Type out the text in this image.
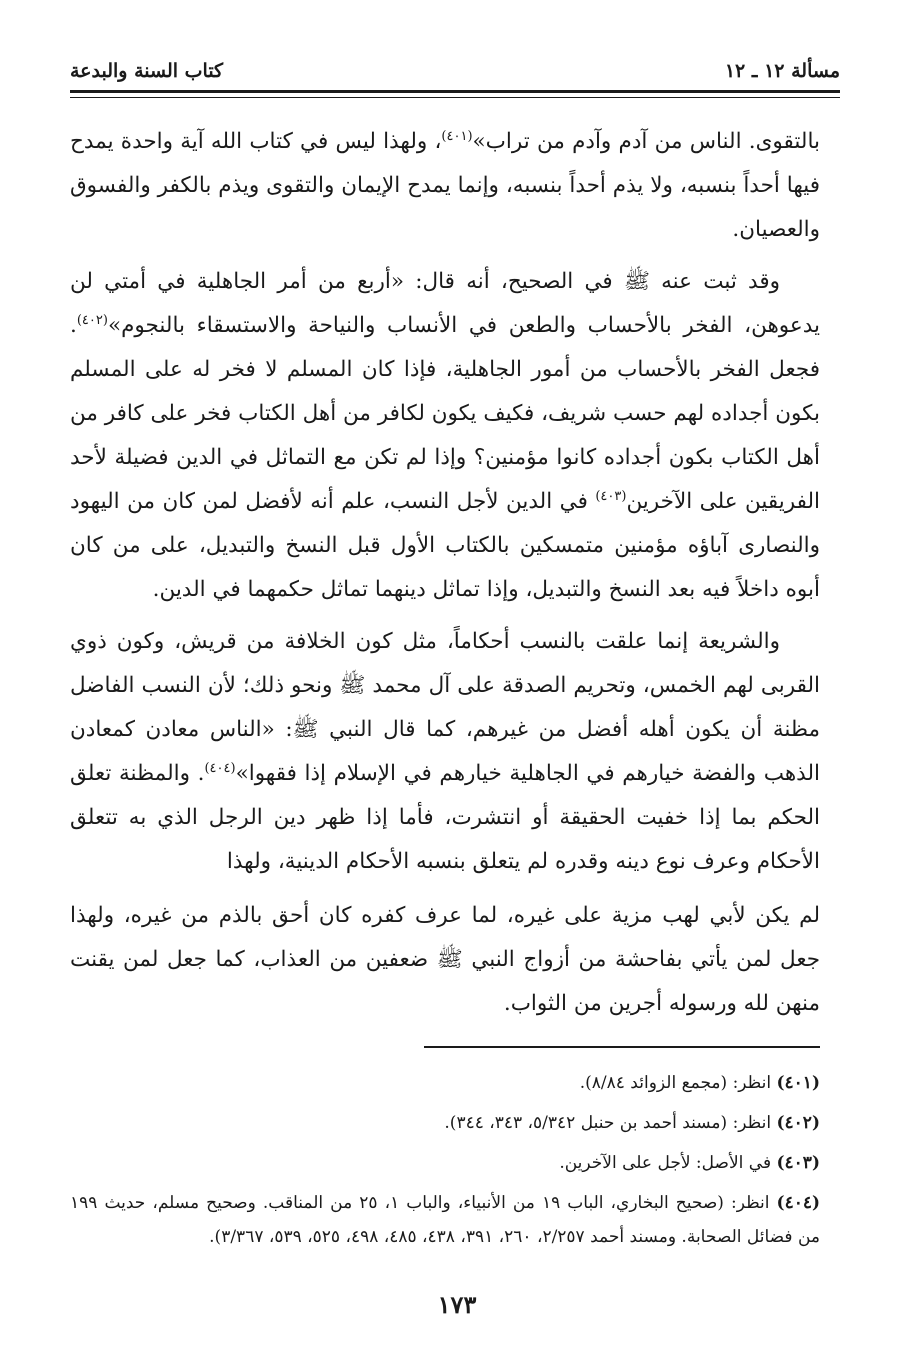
مسألة ١٢ ـ ١٢
كتاب السنة والبدعة

بالتقوى. الناس من آدم وآدم من تراب»$^{(٤٠١)}$، ولهذا ليس في كتاب الله آية واحدة يمدح فيها أحداً بنسبه، ولا يذم أحداً بنسبه، وإنما يمدح الإيمان والتقوى ويذم بالكفر والفسوق والعصيان.

وقد ثبت عنه ﷺ في الصحيح، أنه قال: «أربع من أمر الجاهلية في أمتي لن يدعوهن، الفخر بالأحساب والطعن في الأنساب والنياحة والاستسقاء بالنجوم»$^{(٤٠٢)}$. فجعل الفخر بالأحساب من أمور الجاهلية، فإذا كان المسلم لا فخر له على المسلم بكون أجداده لهم حسب شريف، فكيف يكون لكافر من أهل الكتاب فخر على كافر من أهل الكتاب بكون أجداده كانوا مؤمنين؟ وإذا لم تكن مع التماثل في الدين فضيلة لأحد الفريقين على الآخرين$^{(٤٠٣)}$ في الدين لأجل النسب، علم أنه لأفضل لمن كان من اليهود والنصارى آباؤه مؤمنين متمسكين بالكتاب الأول قبل النسخ والتبديل، على من كان أبوه داخلاً فيه بعد النسخ والتبديل، وإذا تماثل دينهما تماثل حكمهما في الدين.

والشريعة إنما علقت بالنسب أحكاماً، مثل كون الخلافة من قريش، وكون ذوي القربى لهم الخمس، وتحريم الصدقة على آل محمد ﷺ ونحو ذلك؛ لأن النسب الفاضل مظنة أن يكون أهله أفضل من غيرهم، كما قال النبي ﷺ: «الناس معادن كمعادن الذهب والفضة خيارهم في الجاهلية خيارهم في الإسلام إذا فقهوا»$^{(٤٠٤)}$. والمظنة تعلق الحكم بما إذا خفيت الحقيقة أو انتشرت، فأما إذا ظهر دين الرجل الذي به تتعلق الأحكام وعرف نوع دينه وقدره لم يتعلق بنسبه الأحكام الدينية، ولهذا

لم يكن لأبي لهب مزية على غيره، لما عرف كفره كان أحق بالذم من غيره، ولهذا جعل لمن يأتي بفاحشة من أزواج النبي ﷺ ضعفين من العذاب، كما جعل لمن يقنت منهن لله ورسوله أجرين من الثواب.

(٤٠١) انظر: (مجمع الزوائد ٨/٨٤).
(٤٠٢) انظر: (مسند أحمد بن حنبل ٥/٣٤٢، ٣٤٣، ٣٤٤).
(٤٠٣) في الأصل: لأجل على الآخرين.
(٤٠٤) انظر: (صحيح البخاري، الباب ١٩ من الأنبياء، والباب ١، ٢٥ من المناقب. وصحيح مسلم، حديث ١٩٩ من فضائل الصحابة. ومسند أحمد ٢/٢٥٧، ٢٦٠، ٣٩١، ٤٣٨، ٤٨٥، ٤٩٨، ٥٢٥، ٥٣٩، ٣/٣٦٧).
١٧٣
